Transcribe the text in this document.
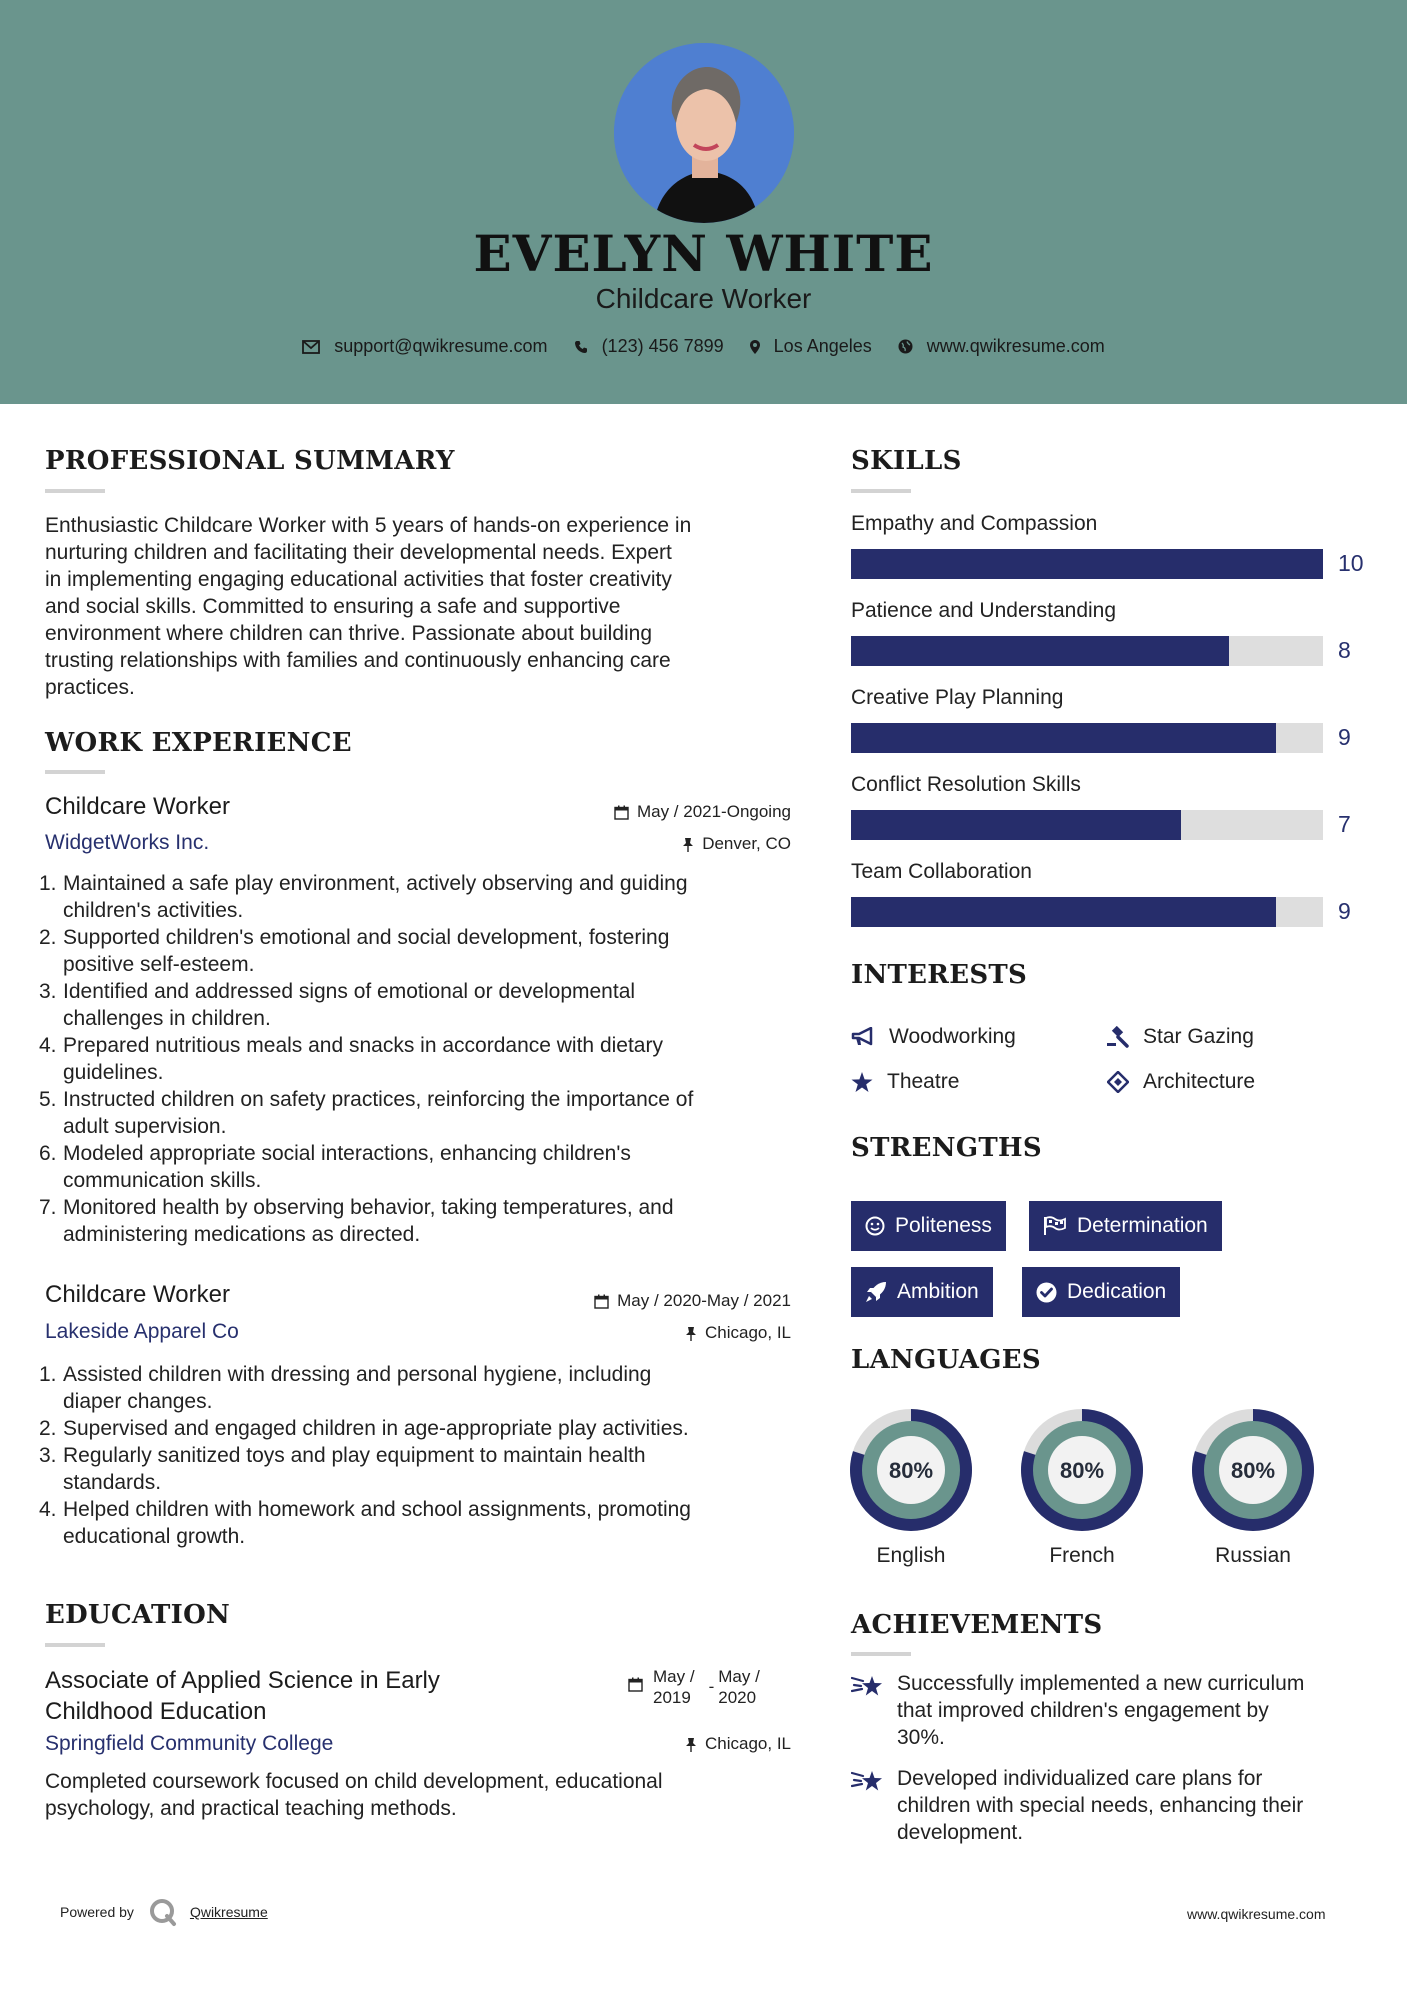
EVELYN WHITE
Childcare Worker
support@qwikresume.com	(123) 456 7899	Los Angeles	www.qwikresume.com
PROFESSIONAL SUMMARY
Enthusiastic Childcare Worker with 5 years of hands-on experience in
nurturing children and facilitating their developmental needs. Expert
in implementing engaging educational activities that foster creativity
and social skills. Committed to ensuring a safe and supportive
environment where children can thrive. Passionate about building
trusting relationships with families and continuously enhancing care
practices.
WORK EXPERIENCE
Childcare Worker
WidgetWorks Inc.
May / 2021-Ongoing
Denver, CO
1. Maintained a safe play environment, actively observing and guiding
children's activities.
2. Supported children's emotional and social development, fostering
positive self-esteem.
3. Identified and addressed signs of emotional or developmental
challenges in children.
4. Prepared nutritious meals and snacks in accordance with dietary
guidelines.
5. Instructed children on safety practices, reinforcing the importance of
adult supervision.
6. Modeled appropriate social interactions, enhancing children's
communication skills.
7. Monitored health by observing behavior, taking temperatures, and
administering medications as directed.
Childcare Worker
Lakeside Apparel Co
May / 2020-May / 2021
Chicago, IL
1. Assisted children with dressing and personal hygiene, including
diaper changes.
2. Supervised and engaged children in age-appropriate play activities.
3. Regularly sanitized toys and play equipment to maintain health
standards.
4. Helped children with homework and school assignments, promoting
educational growth.
EDUCATION
Associate of Applied Science in Early
Childhood Education
May /
2019
-
May /
2020
Springfield Community College	Chicago, IL
Completed coursework focused on child development, educational
psychology, and practical teaching methods.
SKILLS
Empathy and Compassion
10
Patience and Understanding
8
Creative Play Planning
9
Conflict Resolution Skills
7
Team Collaboration
9
INTERESTS
Woodworking	Star Gazing
Theatre	Architecture
STRENGTHS
Politeness	Determination
Ambition	Dedication
LANGUAGES
80%
English
80%
French
80%
Russian
ACHIEVEMENTS
Successfully implemented a new curriculum
that improved children's engagement by
30%.
Developed individualized care plans for
children with special needs, enhancing their
development.
Powered by	Qwikresume	www.qwikresume.com
